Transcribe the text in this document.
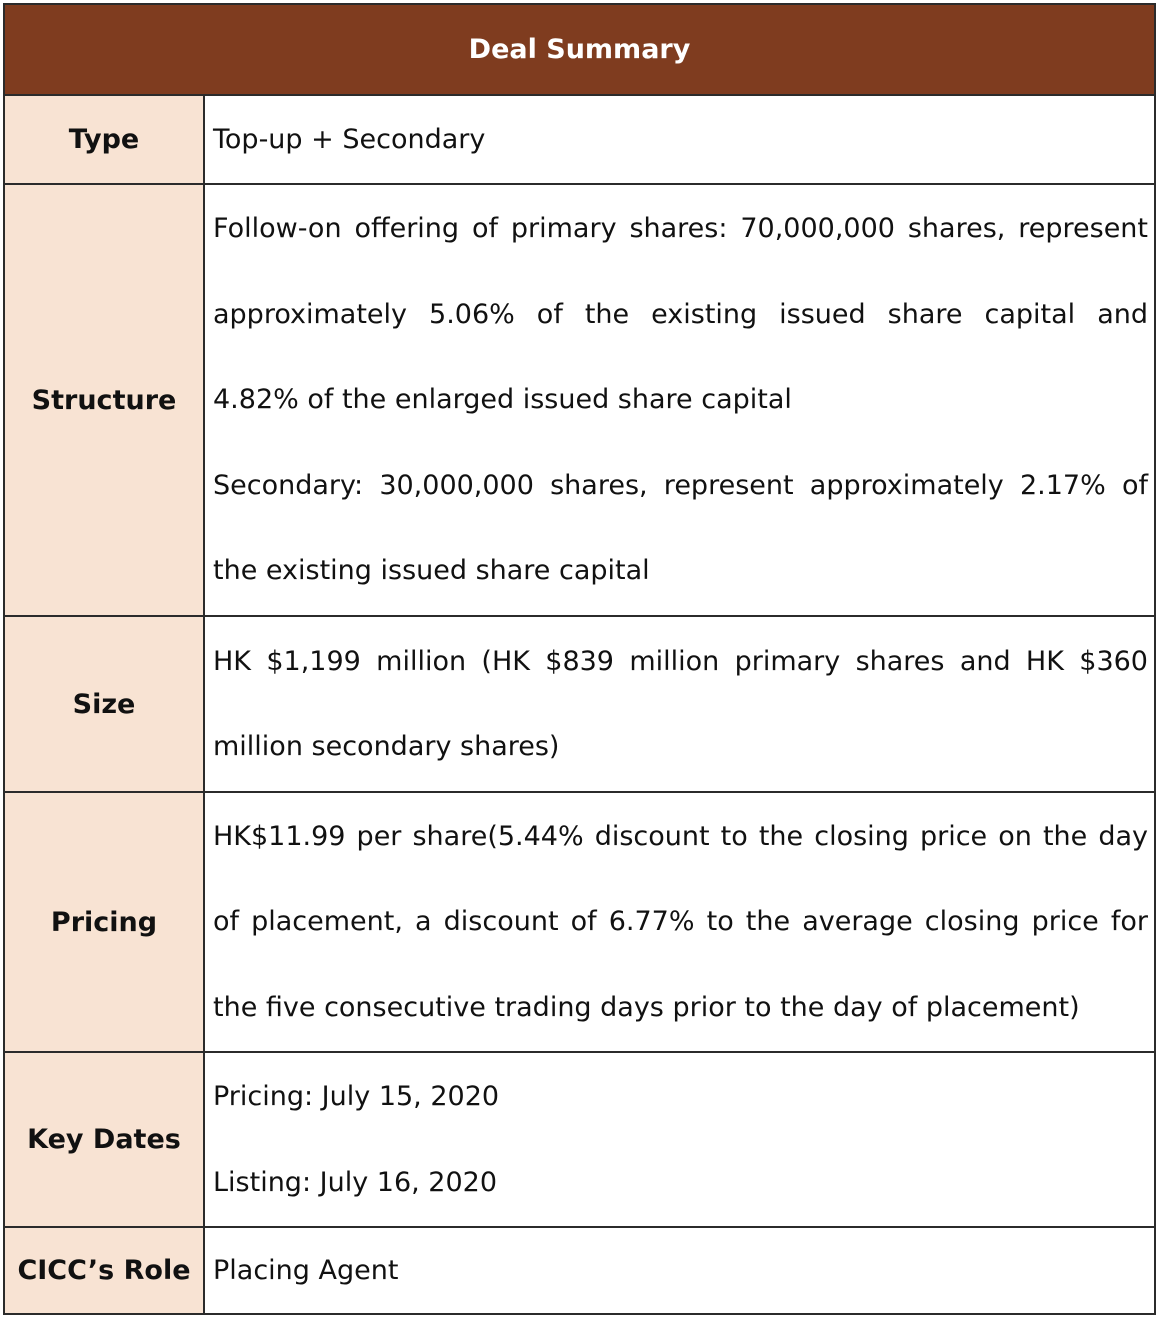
Deal Summary
Type	Top-up + Secondary
Structure
Follow-on offering of primary shares: 70,000,000 shares, represent
approximately 5.06% of the existing issued share capital and
4.82% of the enlarged issued share capital
Secondary: 30,000,000 shares, represent approximately 2.17% of
the existing issued share capital
Size
HK $1,199 million (HK $839 million primary shares and HK $360
million secondary shares)
Pricing
HK$11.99 per share(5.44% discount to the closing price on the day
of placement, a discount of 6.77% to the average closing price for
the five consecutive trading days prior to the day of placement)
Key Dates
Pricing: July 15, 2020
Listing: July 16, 2020
CICC’s Role Placing Agent
